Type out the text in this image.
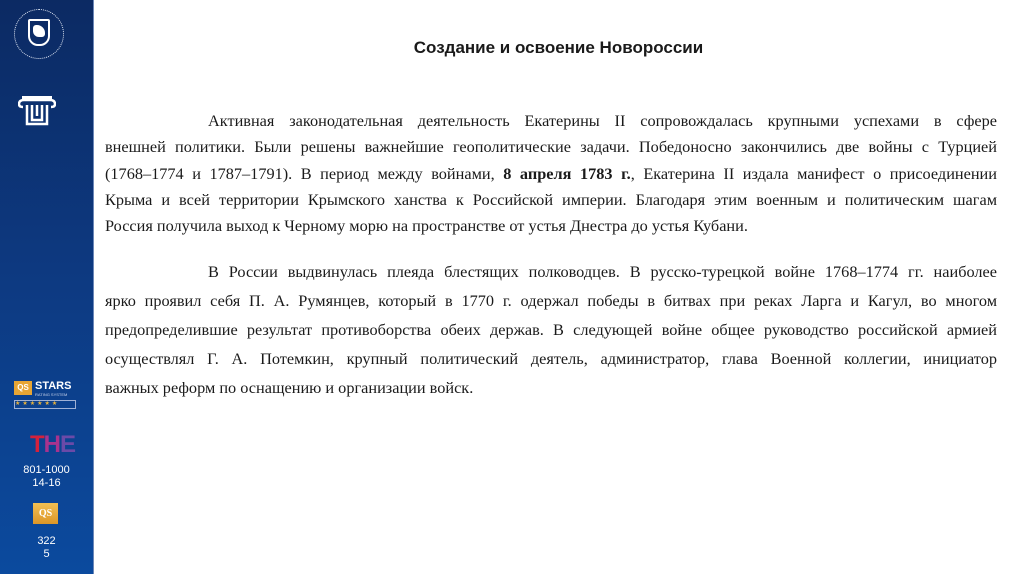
QS STARS
RATING SYSTEM
★★★★★★
THE
801-1000
14-16
QS
322
5
Создание и освоение Новороссии
Активная законодательная деятельность Екатерины II сопровождалась крупными успехами в сфере
внешней политики. Были решены важнейшие геополитические задачи. Победоносно закончились две войны с Турцией
(1768–1774 и 1787–1791). В период между войнами, 8 апреля 1783 г., Екатерина II издала манифест о присоединении
Крыма и всей территории Крымского ханства к Российской империи. Благодаря этим военным и политическим шагам
Россия получила выход к Черному морю на пространстве от устья Днестра до устья Кубани.
В России выдвинулась плеяда блестящих полководцев. В русско-турецкой войне 1768–1774 гг. наиболее
ярко проявил себя П. А. Румянцев, который в 1770 г. одержал победы в битвах при реках Ларга и Кагул, во многом
предопределившие результат противоборства обеих держав. В следующей войне общее руководство российской армией
осуществлял Г. А. Потемкин, крупный политический деятель, администратор, глава Военной коллегии, инициатор
важных реформ по оснащению и организации войск.
